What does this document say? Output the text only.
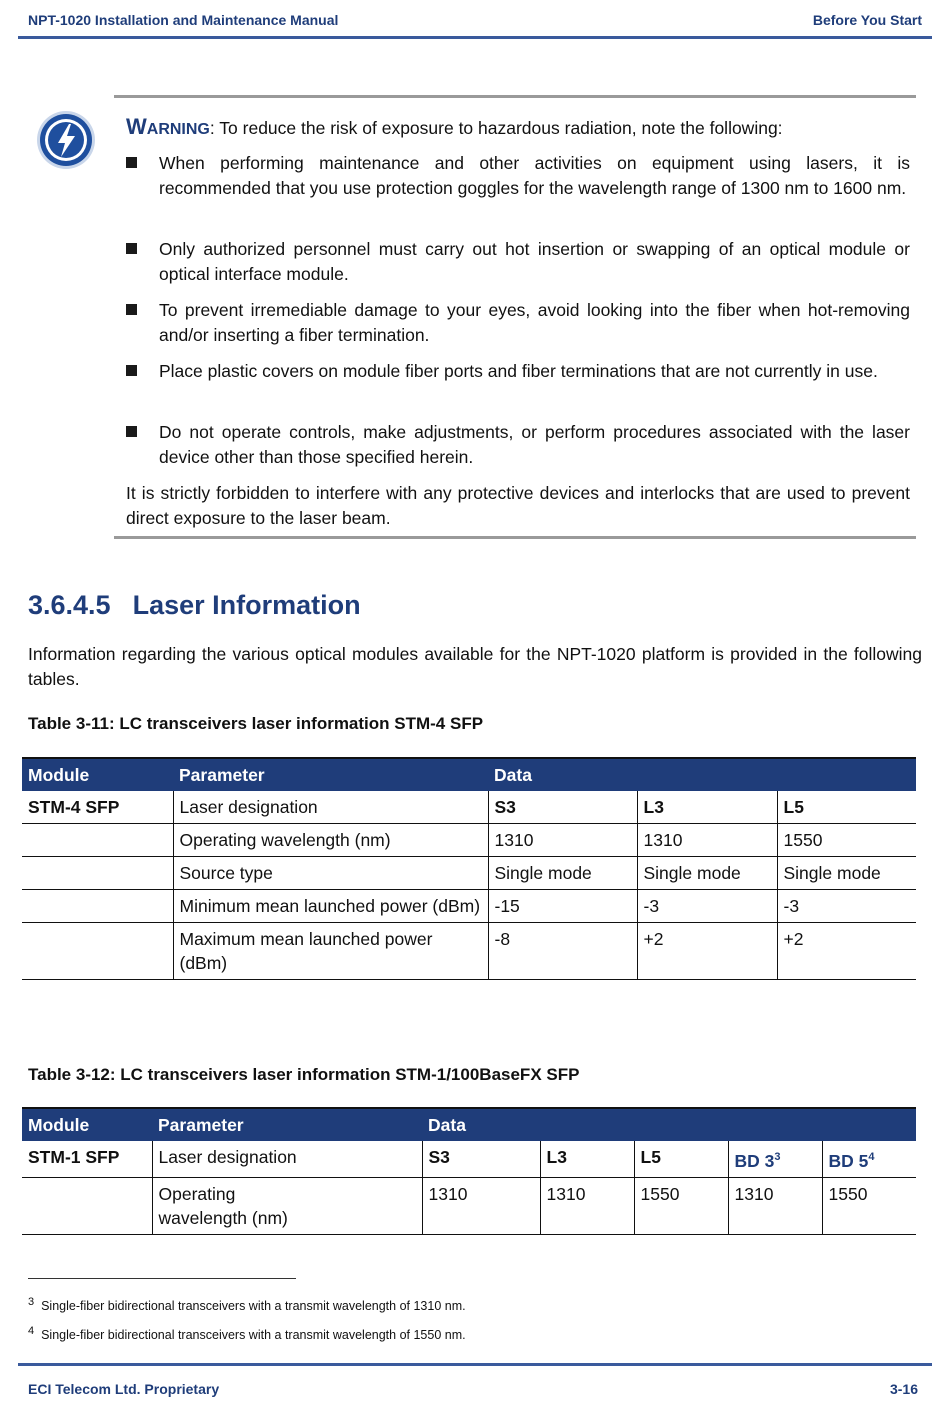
NPT-1020 Installation and Maintenance Manual	Before You Start
WARNING: To reduce the risk of exposure to hazardous radiation, note the following:
When performing maintenance and other activities on equipment using lasers, it is recommended that you use protection goggles for the wavelength range of 1300 nm to 1600 nm.
Only authorized personnel must carry out hot insertion or swapping of an optical module or optical interface module.
To prevent irremediable damage to your eyes, avoid looking into the fiber when hot-removing and/or inserting a fiber termination.
Place plastic covers on module fiber ports and fiber terminations that are not currently in use.
Do not operate controls, make adjustments, or perform procedures associated with the laser device other than those specified herein.
It is strictly forbidden to interfere with any protective devices and interlocks that are used to prevent direct exposure to the laser beam.
3.6.4.5 Laser Information
Information regarding the various optical modules available for the NPT-1020 platform is provided in the following tables.
Table 3-11: LC transceivers laser information STM-4 SFP
Module	Parameter	Data		
STM-4 SFP	Laser designation	S3	L3	L5
	Operating wavelength (nm)	1310	1310	1550
	Source type	Single mode	Single mode	Single mode
	Minimum mean launched power (dBm)	-15	-3	-3
	Maximum mean launched power (dBm)	-8	+2	+2
Table 3-12: LC transceivers laser information STM-1/100BaseFX SFP
Module	Parameter	Data				
STM-1 SFP	Laser designation	S3	L3	L5	BD $3^3$	BD $5^4$
	Operating wavelength (nm)	1310	1310	1550	1310	1550
$^3$ Single-fiber bidirectional transceivers with a transmit wavelength of 1310 nm.
$^4$ Single-fiber bidirectional transceivers with a transmit wavelength of 1550 nm.
ECI Telecom Ltd. Proprietary	3-16
